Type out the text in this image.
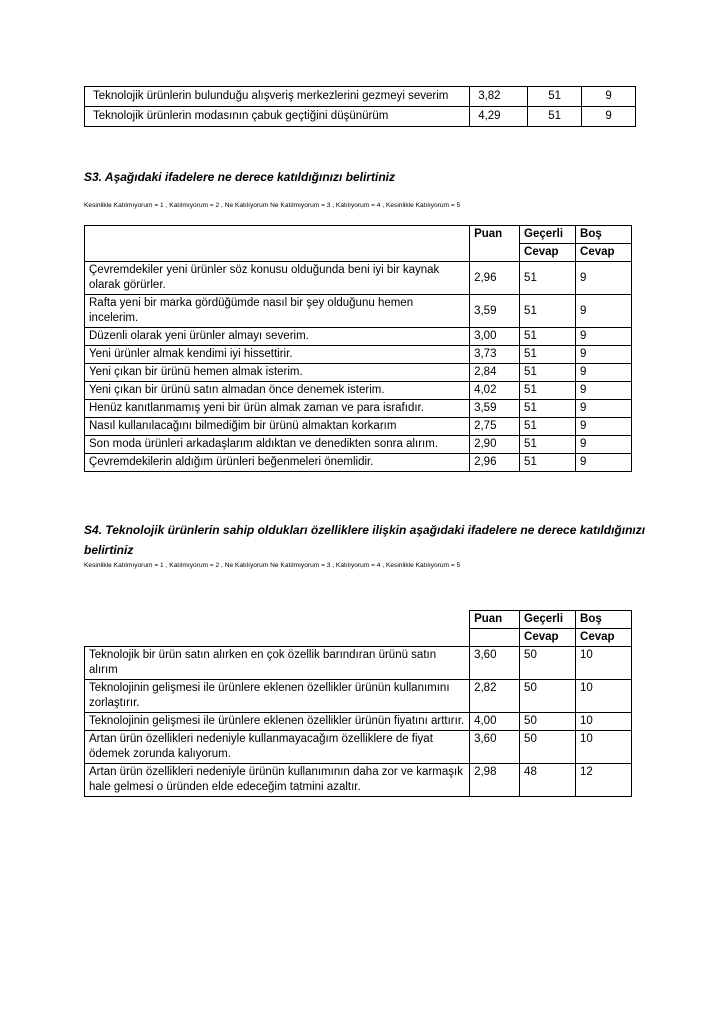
Teknolojik ürünlerin bulunduğu alışveriş merkezlerini gezmeyi severim	3,82	51	9
Teknolojik ürünlerin modasının çabuk geçtiğini düşünürüm	4,29	51	9

S3. Aşağıdaki ifadelere ne derece katıldığınızı belirtiniz

Kesinlikle Katılmıyorum = 1 , Katılmıyorum = 2 , Ne Katılıyorum Ne Katılmıyorum = 3 , Katılıyorum = 4 , Kesinlikle Katılıyorum = 5

	Puan	Geçerli	Boş
		Cevap	Cevap
Çevremdekiler yeni ürünler söz konusu olduğunda beni iyi bir kaynak olarak görürler.	2,96	51	9
Rafta yeni bir marka gördüğümde nasıl bir şey olduğunu hemen incelerim.	3,59	51	9
Düzenli olarak yeni ürünler almayı severim.	3,00	51	9
Yeni ürünler almak kendimi iyi hissettirir.	3,73	51	9
Yeni çıkan bir ürünü hemen almak isterim.	2,84	51	9
Yeni çıkan bir ürünü satın almadan önce denemek isterim.	4,02	51	9
Henüz kanıtlanmamış yeni bir ürün almak zaman ve para israfıdır.	3,59	51	9
Nasıl kullanılacağını bilmediğim bir ürünü almaktan korkarım	2,75	51	9
Son moda ürünleri arkadaşlarım aldıktan ve denedikten sonra alırım.	2,90	51	9
Çevremdekilerin aldığım ürünleri beğenmeleri önemlidir.	2,96	51	9

S4. Teknolojik ürünlerin sahip oldukları özelliklere ilişkin aşağıdaki ifadelere ne derece katıldığınızı

belirtiniz

Kesinlikle Katılmıyorum = 1 , Katılmıyorum = 2 , Ne Katılıyorum Ne Katılmıyorum = 3 , Katılıyorum = 4 , Kesinlikle Katılıyorum = 5

	Puan	Geçerli	Boş
		Cevap	Cevap
Teknolojik bir ürün satın alırken en çok özellik barındıran ürünü satın alırım	3,60	50	10
Teknolojinin gelişmesi ile ürünlere eklenen özellikler ürünün kullanımını zorlaştırır.	2,82	50	10
Teknolojinin gelişmesi ile ürünlere eklenen özellikler ürünün fiyatını arttırır.	4,00	50	10
Artan ürün özellikleri nedeniyle kullanmayacağım özelliklere de fiyat ödemek zorunda kalıyorum.	3,60	50	10
Artan ürün özellikleri nedeniyle ürünün kullanımının daha zor ve karmaşık hale gelmesi o üründen elde edeceğim tatmini azaltır.	2,98	48	12
